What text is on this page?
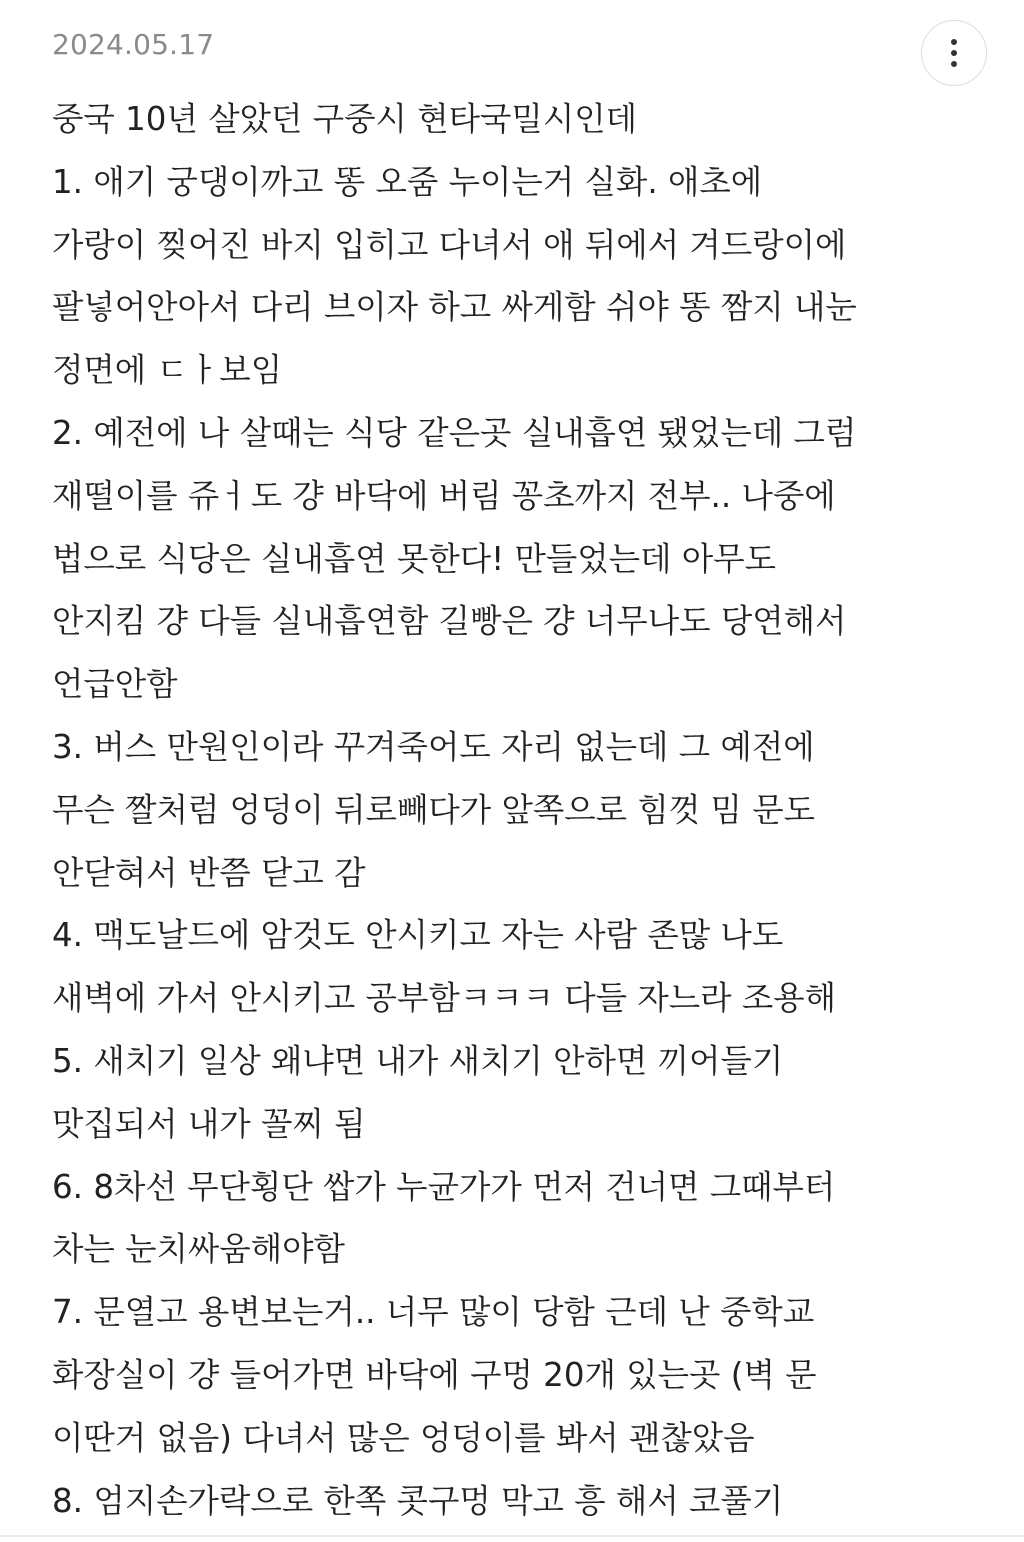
2024.05.17
중국 10년 살았던 구중시 현타국밀시인데
1. 애기 궁댕이까고 똥 오줌 누이는거 실화. 애초에
가랑이 찢어진 바지 입히고 다녀서 애 뒤에서 겨드랑이에
팔넣어안아서 다리 브이자 하고 싸게함 쉬야 똥 짬지 내눈
정면에 ㄷㅏ보임
2. 예전에 나 살때는 식당 같은곳 실내흡연 됐었는데 그럼
재떨이를 쥬ㅓ도 걍 바닥에 버림 꽁초까지 전부.. 나중에
법으로 식당은 실내흡연 못한다! 만들었는데 아무도
안지킴 걍 다들 실내흡연함 길빵은 걍 너무나도 당연해서
언급안함
3. 버스 만원인이라 꾸겨죽어도 자리 없는데 그 예전에
무슨 짤처럼 엉덩이 뒤로빼다가 앞쪽으로 힘껏 밈 문도
안닫혀서 반쯤 닫고 감
4. 맥도날드에 암것도 안시키고 자는 사람 존많 나도
새벽에 가서 안시키고 공부함ㅋㅋㅋ 다들 자느라 조용해
5. 새치기 일상 왜냐면 내가 새치기 안하면 끼어들기
맛집되서 내가 꼴찌 됨
6. 8차선 무단횡단 쌉가 누균가가 먼저 건너면 그때부터
차는 눈치싸움해야함
7. 문열고 용변보는거.. 너무 많이 당함 근데 난 중학교
화장실이 걍 들어가면 바닥에 구멍 20개 있는곳 (벽 문
이딴거 없음) 다녀서 많은 엉덩이를 봐서 괜찮았음
8. 엄지손가락으로 한쪽 콧구멍 막고 흥 해서 코풀기
